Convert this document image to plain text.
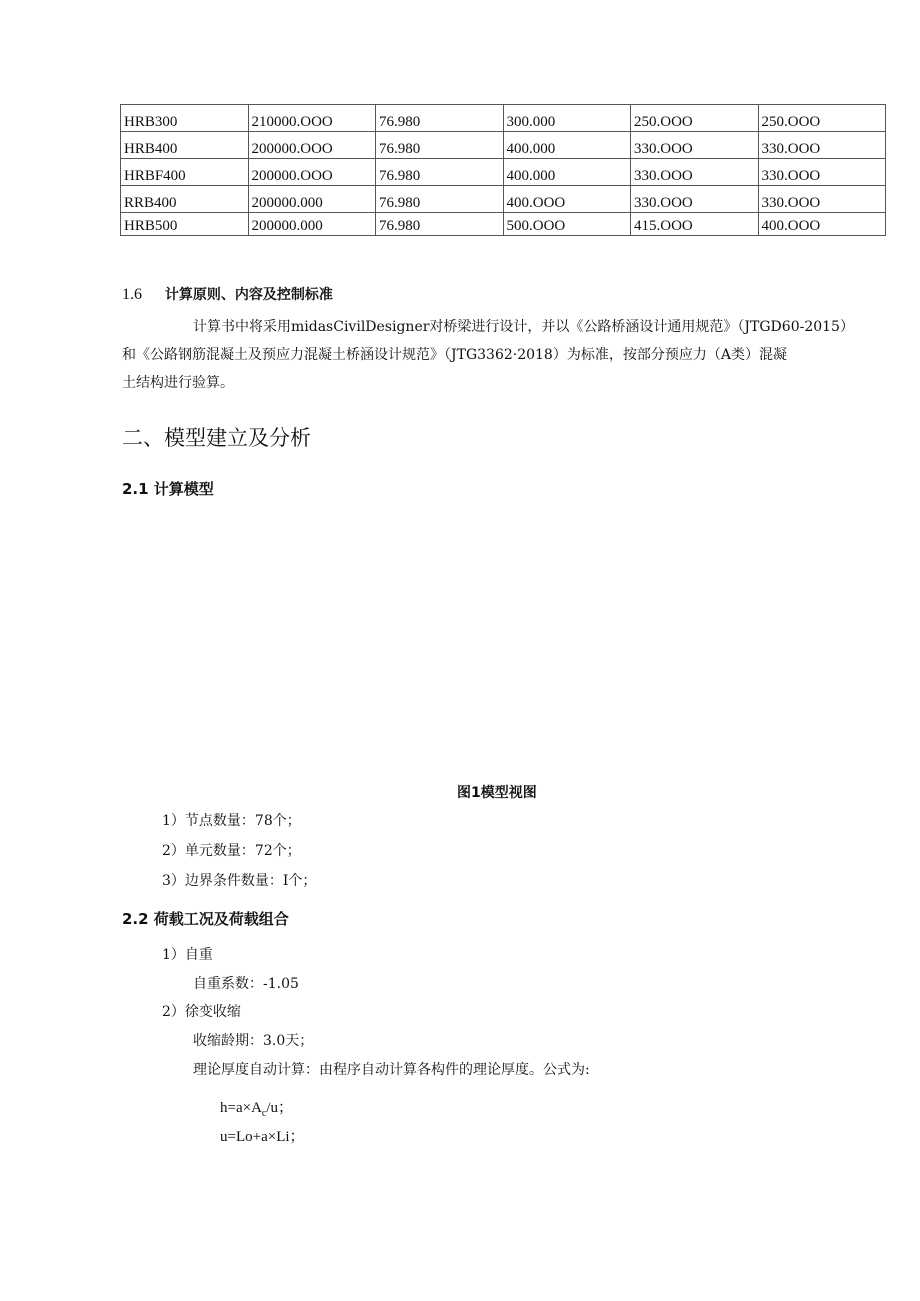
HRB300	210000.OOO	76.980	300.000	250.OOO	250.OOO
HRB400	200000.OOO	76.980	400.000	330.OOO	330.OOO
HRBF400	200000.OOO	76.980	400.000	330.OOO	330.OOO
RRB400	200000.000	76.980	400.OOO	330.OOO	330.OOO
HRB500	200000.000	76.980	500.OOO	415.OOO	400.OOO
1.6 计算原则、内容及控制标准
计算书中将采用midasCivilDesigner对桥梁进行设计，并以《公路桥涵设计通用规范》（JTGD60-2015）
和《公路钢筋混凝土及预应力混凝土桥涵设计规范》（JTG3362·2018）为标准，按部分预应力（A类）混凝
土结构进行验算。
二、模型建立及分析
2.1 计算模型
图1模型视图
1）节点数量：78个；
2）单元数量：72个；
3）边界条件数量：I个；
2.2 荷载工况及荷载组合
1）自重
自重系数：-1.05
2）徐变收缩
收缩龄期：3.0天；
理论厚度自动计算：由程序自动计算各构件的理论厚度。公式为:
$h=a\times A_c/u$；
u=Lo+a×Li；
